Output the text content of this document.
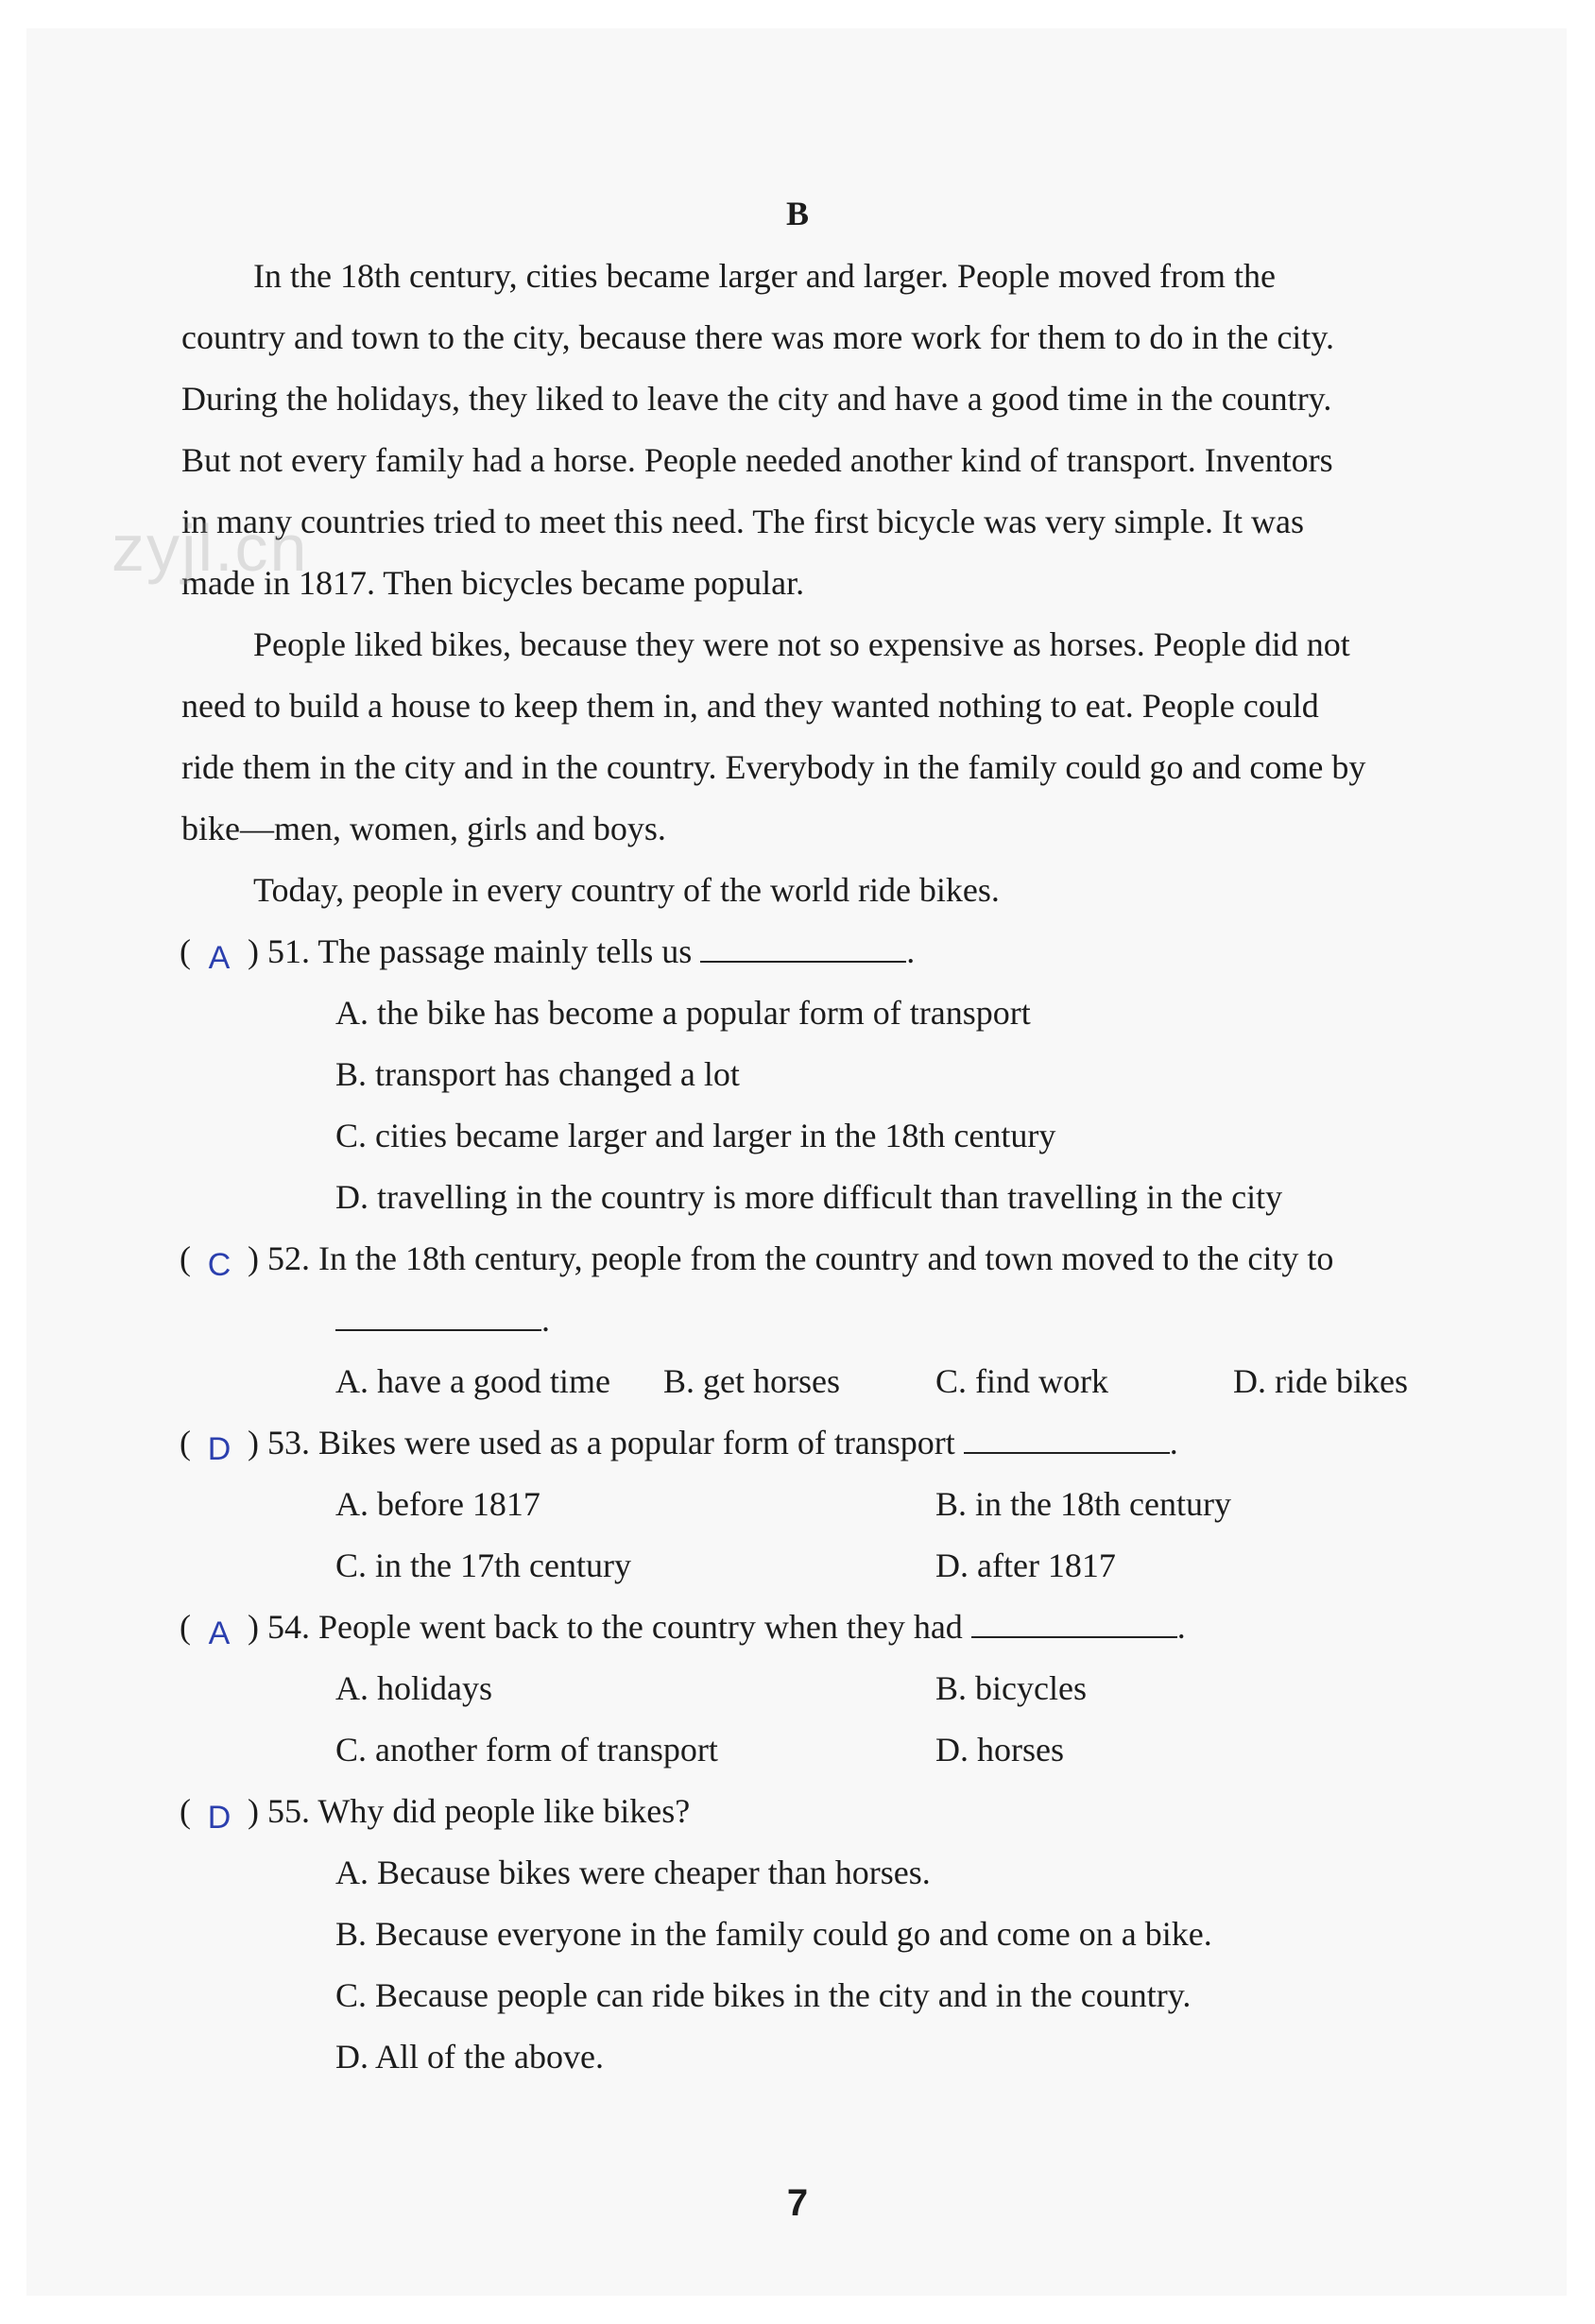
B
In the 18th century, cities became larger and larger. People moved from the
country and town to the city, because there was more work for them to do in the city.
During the holidays, they liked to leave the city and have a good time in the country.
But not every family had a horse. People needed another kind of transport. Inventors
in many countries tried to meet this need. The first bicycle was very simple. It was
made in 1817. Then bicycles became popular.
People liked bikes, because they were not so expensive as horses. People did not
need to build a house to keep them in, and they wanted nothing to eat. People could
ride them in the city and in the country. Everybody in the family could go and come by
bike—men, women, girls and boys.
Today, people in every country of the world ride bikes.
zyjl.cn
( A ) 51. The passage mainly tells us	.
A. the bike has become a popular form of transport
B. transport has changed a lot
C. cities became larger and larger in the 18th century
D. travelling in the country is more difficult than travelling in the city
( C ) 52. In the 18th century, people from the country and town moved to the city to
.
A. have a good time B. get horses	C. find work	D. ride bikes
( D ) 53. Bikes were used as a popular form of transport	.
A. before 1817	B. in the 18th century
C. in the 17th century	D. after 1817
( A ) 54. People went back to the country when they had	.
A. holidays	B. bicycles
C. another form of transport	D. horses
( D ) 55. Why did people like bikes?
A. Because bikes were cheaper than horses.
B. Because everyone in the family could go and come on a bike.
C. Because people can ride bikes in the city and in the country.
D. All of the above.
7
